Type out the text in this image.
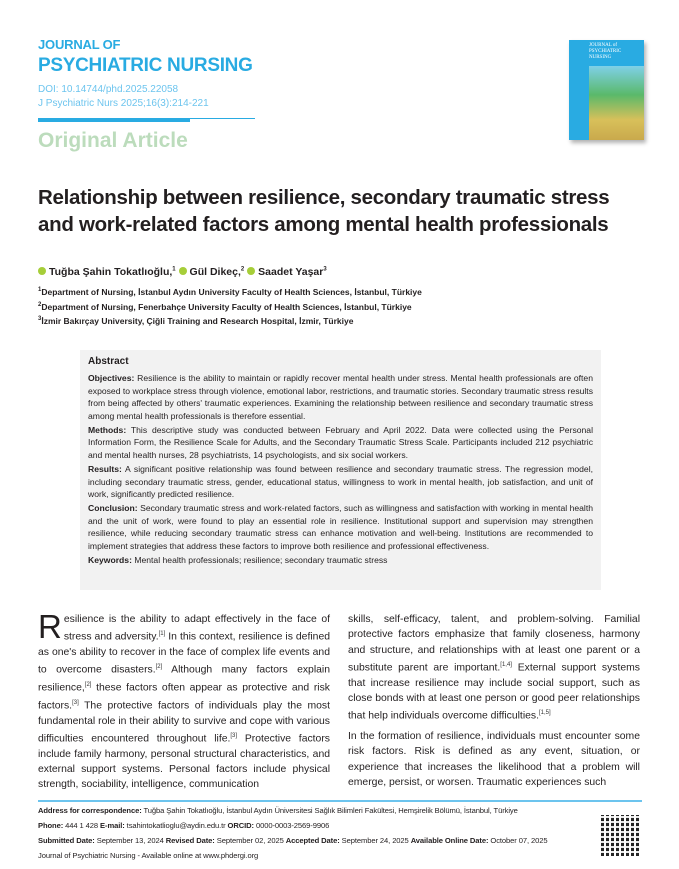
JOURNAL OF
PSYCHIATRIC NURSING
DOI: 10.14744/phd.2025.22058
J Psychiatric Nurs 2025;16(3):214-221
Original Article
JOURNAL of PSYCHIATRIC NURSING
Relationship between resilience, secondary traumatic stress and work-related factors among mental health professionals
Tuğba Şahin Tokatlıoğlu,$^1$ Gül Dikeç,$^2$ Saadet Yaşar$^3$
$^1$Department of Nursing, İstanbul Aydın University Faculty of Health Sciences, İstanbul, Türkiye
$^2$Department of Nursing, Fenerbahçe University Faculty of Health Sciences, İstanbul, Türkiye
$^3$İzmir Bakırçay University, Çiğli Training and Research Hospital, İzmir, Türkiye
Abstract

Objectives: Resilience is the ability to maintain or rapidly recover mental health under stress. Mental health professionals are often exposed to workplace stress through violence, emotional labor, restrictions, and traumatic stories. Secondary traumatic stress results from being affected by others' traumatic experiences. Examining the relationship between resilience and secondary traumatic stress among mental health professionals is therefore essential.

Methods: This descriptive study was conducted between February and April 2022. Data were collected using the Personal Information Form, the Resilience Scale for Adults, and the Secondary Traumatic Stress Scale. Participants included 212 psychiatric and mental health nurses, 28 psychiatrists, 14 psychologists, and six social workers.

Results: A significant positive relationship was found between resilience and secondary traumatic stress. The regression model, including secondary traumatic stress, gender, educational status, willingness to work in mental health, job satisfaction, and unit of work, significantly predicted resilience.

Conclusion: Secondary traumatic stress and work-related factors, such as willingness and satisfaction with working in mental health and the unit of work, were found to play an essential role in resilience. Institutional support and supervision may strengthen resilience, while reducing secondary traumatic stress can enhance motivation and well-being. Institutions are recommended to implement strategies that address these factors to improve both resilience and professional effectiveness.

Keywords: Mental health professionals; resilience; secondary traumatic stress

Resilience is the ability to adapt effectively in the face of stress and adversity.[1] In this context, resilience is defined as one's ability to recover in the face of complex life events and to overcome disasters.[2] Although many factors explain resilience,[2] these factors often appear as protective and risk factors.[3] The protective factors of individuals play the most fundamental role in their ability to survive and cope with various difficulties encountered throughout life.[3] Protective factors include family harmony, personal structural characteristics, and external support systems. Personal factors include physical strength, sociability, intelligence, communication

skills, self-efficacy, talent, and problem-solving. Familial protective factors emphasize that family closeness, harmony and structure, and relationships with at least one parent or a substitute parent are important.[1,4] External support systems that increase resilience may include social support, such as close bonds with at least one person or good peer relationships that help individuals overcome difficulties.[1,5]

In the formation of resilience, individuals must encounter some risk factors. Risk is defined as any event, situation, or experience that increases the likelihood that a problem will emerge, persist, or worsen. Traumatic experiences such

Address for correspondence: Tuğba Şahin Tokatlıoğlu, İstanbul Aydın Üniversitesi Sağlık Bilimleri Fakültesi, Hemşirelik Bölümü, İstanbul, Türkiye
Phone: 444 1 428 E-mail: tsahintokatlioglu@aydin.edu.tr ORCID: 0000-0003-2569-9906
Submitted Date: September 13, 2024 Revised Date: September 02, 2025 Accepted Date: September 24, 2025 Available Online Date: October 07, 2025
Journal of Psychiatric Nursing - Available online at www.phdergi.org
